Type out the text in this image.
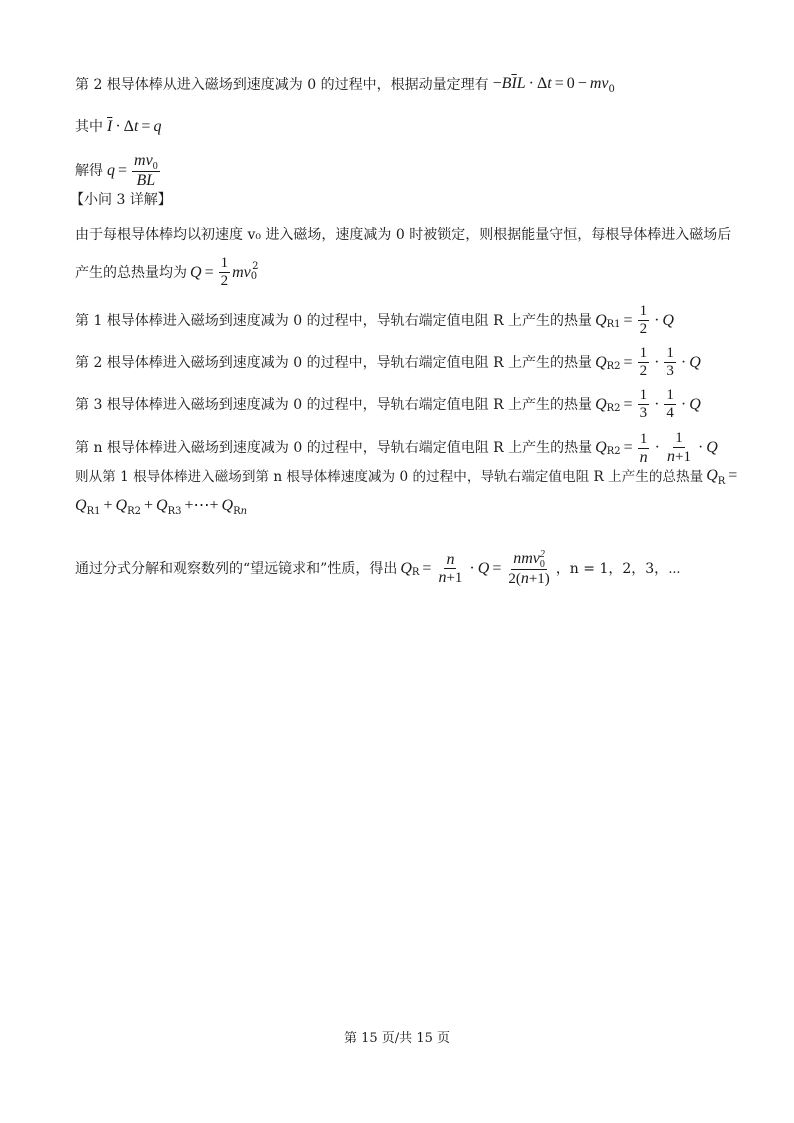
第 2 根导体棒从进入磁场到速度减为 0 的过程中，根据动量定理有 $-B\overline{I}L \cdot \Delta t = 0 - mv_0$
其中 $\overline{I} \cdot \Delta t = q$
解得 $q = \frac{mv_0}{BL}$
【小问 3 详解】
由于每根导体棒均以初速度 v₀ 进入磁场，速度减为 0 时被锁定，则根据能量守恒，每根导体棒进入磁场后
产生的总热量均为 $Q = \frac{1}{2}$ mv 0
2
第 1 根导体棒进入磁场到速度减为 0 的过程中，导轨右端定值电阻 R 上产生的热量 Q $R1 = \frac{1}{2} \cdot Q$
第 2 根导体棒进入磁场到速度减为 0 的过程中，导轨右端定值电阻 R 上产生的热量 Q $R2 = \frac{1}{2} \cdot \frac{1}{3} \cdot Q$
第 3 根导体棒进入磁场到速度减为 0 的过程中，导轨右端定值电阻 R 上产生的热量 Q $R2 = \frac{1}{3} \cdot \frac{1}{4} \cdot Q$
第 n 根导体棒进入磁场到速度减为 0 的过程中，导轨右端定值电阻 R 上产生的热量 Q $R2 = \frac{1}{n} \cdot \frac{1}{n+1} \cdot Q$
则从第 1 根导体棒进入磁场到第 n 根导体棒速度减为 0 的过程中，导轨右端定值电阻 R 上产生的总热量 $Q_R$ =
$Q_{R1} + Q_{R2} + Q_{R3}$ +⋯+ $Q_{Rn}$
通过分式分解和观察数列的“望远镜求和”性质，得出 Q $R = \frac{n}{n+1} \cdot Q = \frac{nmv_0^2}{2(n+1)}$ ，n = 1，2，3，⋯
第 15 页/共 15 页
